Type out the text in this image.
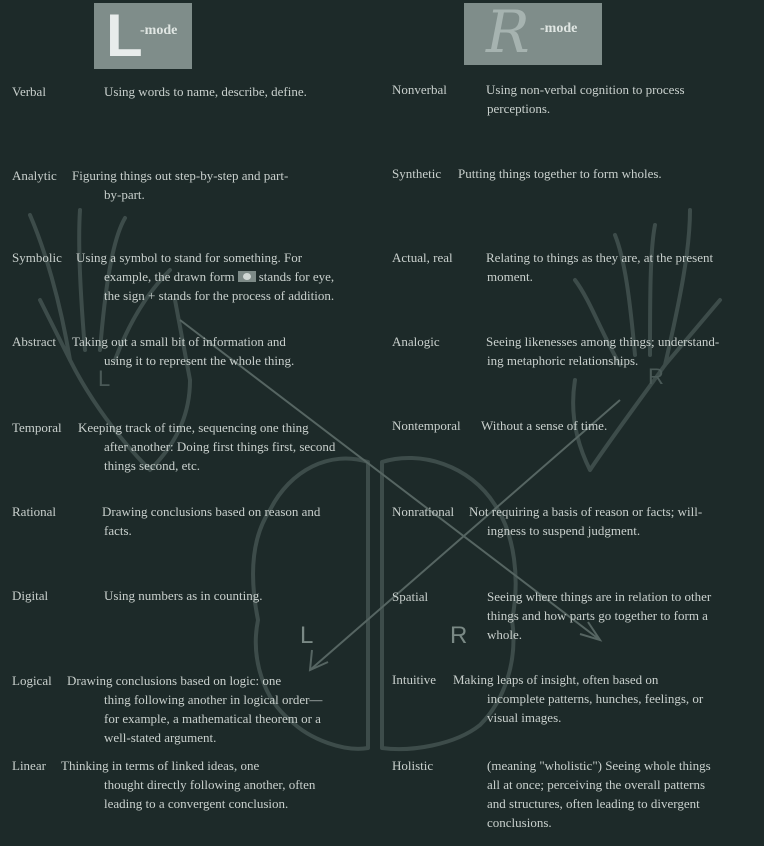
L	R
L	R
L
-mode	R -mode
Verbal	Using words to name, describe, define.
Analytic	Figuring things out step-by-step and part-
by-part.
Symbolic	Using a symbol to stand for something. For
example, the drawn form stands for eye,
the sign + stands for the process of addition.
Abstract	Taking out a small bit of information and
using it to represent the whole thing.
Temporal	Keeping track of time, sequencing one thing
after another: Doing first things first, second
things second, etc.
Rational	Drawing conclusions based on reason and
facts.
Digital	Using numbers as in counting.
Logical	Drawing conclusions based on logic: one
thing following another in logical order—
for example, a mathematical theorem or a
well-stated argument.
Linear	Thinking in terms of linked ideas, one
thought directly following another, often
leading to a convergent conclusion.
Nonverbal	Using non-verbal cognition to process
perceptions.
Synthetic	Putting things together to form wholes.
Actual, real	Relating to things as they are, at the present
moment.
Analogic	Seeing likenesses among things; understand-
ing metaphoric relationships.
Nontemporal	Without a sense of time.
Nonrational	Not requiring a basis of reason or facts; will-
ingness to suspend judgment.
Spatial	Seeing where things are in relation to other
things and how parts go together to form a
whole.
Intuitive	Making leaps of insight, often based on
incomplete patterns, hunches, feelings, or
visual images.
Holistic	(meaning "wholistic") Seeing whole things
all at once; perceiving the overall patterns
and structures, often leading to divergent
conclusions.
